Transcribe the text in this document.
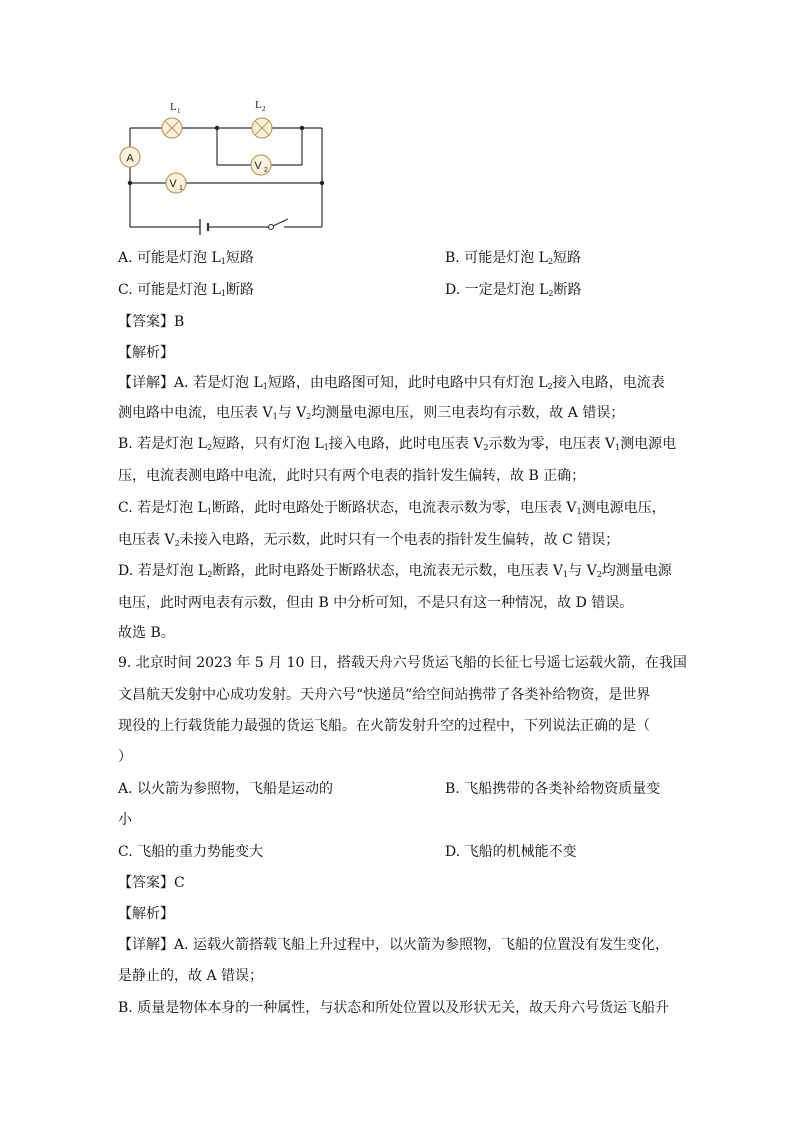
A
L 1	L 2
V 1
V 2
A. 可能是灯泡 $L_1$短路	B. 可能是灯泡 $L_2$短路
C. 可能是灯泡 $L_1$断路	D. 一定是灯泡 $L_2$断路
【答案】B
【解析】
【详解】A. 若是灯泡 $L_1$短路，由电路图可知，此时电路中只有灯泡 $L_2$接入电路，电流表
测电路中电流，电压表 $V_1$与 $V_2$均测量电源电压，则三电表均有示数，故 A 错误；
B. 若是灯泡 $L_2$短路，只有灯泡 $L_1$接入电路，此时电压表 $V_2$示数为零，电压表 $V_1$测电源电
压，电流表测电路中电流，此时只有两个电表的指针发生偏转，故 B 正确；
C. 若是灯泡 $L_1$断路，此时电路处于断路状态，电流表示数为零，电压表 $V_1$测电源电压，
电压表 $V_2$未接入电路，无示数，此时只有一个电表的指针发生偏转，故 C 错误；
D. 若是灯泡 $L_2$断路，此时电路处于断路状态，电流表无示数，电压表 $V_1$与 $V_2$均测量电源
电压，此时两电表有示数，但由 B 中分析可知，不是只有这一种情况，故 D 错误。
故选 B。
9. 北京时间 2023 年 5 月 10 日，搭载天舟六号货运飞船的长征七号遥七运载火箭，在我国
文昌航天发射中心成功发射。天舟六号“快递员”给空间站携带了各类补给物资，是世界
现役的上行载货能力最强的货运飞船。在火箭发射升空的过程中，下列说法正确的是（
）
A. 以火箭为参照物，飞船是运动的	B. 飞船携带的各类补给物资质量变
小
C. 飞船的重力势能变大	D. 飞船的机械能不变
【答案】C
【解析】
【详解】A. 运载火箭搭载飞船上升过程中，以火箭为参照物，飞船的位置没有发生变化，
是静止的，故 A 错误；
B. 质量是物体本身的一种属性，与状态和所处位置以及形状无关，故天舟六号货运飞船升
